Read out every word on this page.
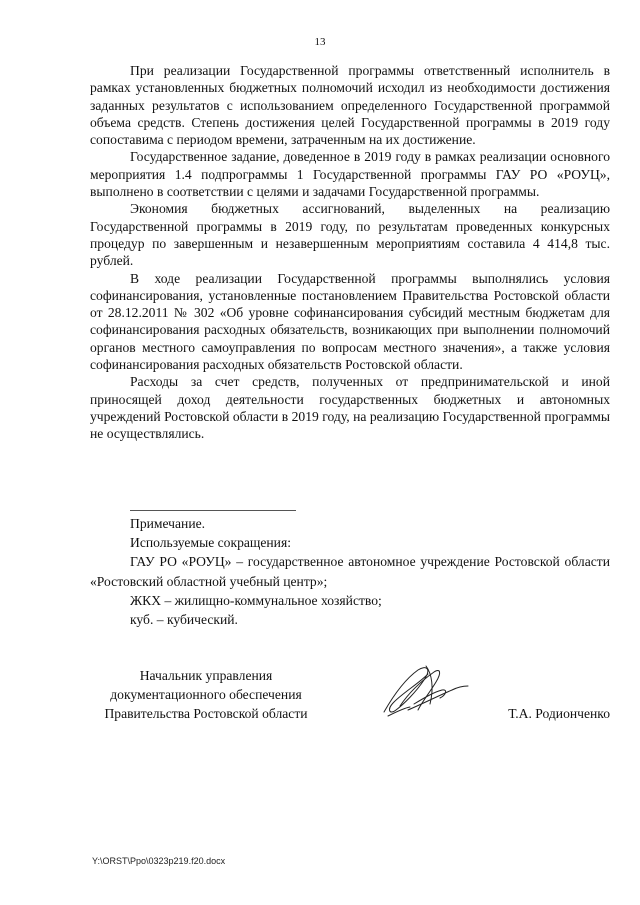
13

При реализации Государственной программы ответственный исполнитель в рамках установленных бюджетных полномочий исходил из необходимости достижения заданных результатов с использованием определенного Государственной программой объема средств. Степень достижения целей Государственной программы в 2019 году сопоставима с периодом времени, затраченным на их достижение.

Государственное задание, доведенное в 2019 году в рамках реализации основного мероприятия 1.4 подпрограммы 1 Государственной программы ГАУ РО «РОУЦ», выполнено в соответствии с целями и задачами Государственной программы.

Экономия бюджетных ассигнований, выделенных на реализацию Государственной программы в 2019 году, по результатам проведенных конкурсных процедур по завершенным и незавершенным мероприятиям составила 4 414,8 тыс. рублей.

В ходе реализации Государственной программы выполнялись условия софинансирования, установленные постановлением Правительства Ростовской области от 28.12.2011 № 302 «Об уровне софинансирования субсидий местным бюджетам для софинансирования расходных обязательств, возникающих при выполнении полномочий органов местного самоуправления по вопросам местного значения», а также условия софинансирования расходных обязательств Ростовской области.

Расходы за счет средств, полученных от предпринимательской и иной приносящей доход деятельности государственных бюджетных и автономных учреждений Ростовской области в 2019 году, на реализацию Государственной программы не осуществлялись.

Примечание.

Используемые сокращения:

ГАУ РО «РОУЦ» – государственное автономное учреждение Ростовской области «Ростовский областной учебный центр»;

ЖКХ – жилищно-коммунальное хозяйство;

куб. – кубический.

Начальник управления
документационного обеспечения
Правительства Ростовской области	Т.А. Родионченко
Y:\ORST\Ppo\0323p219.f20.docx
